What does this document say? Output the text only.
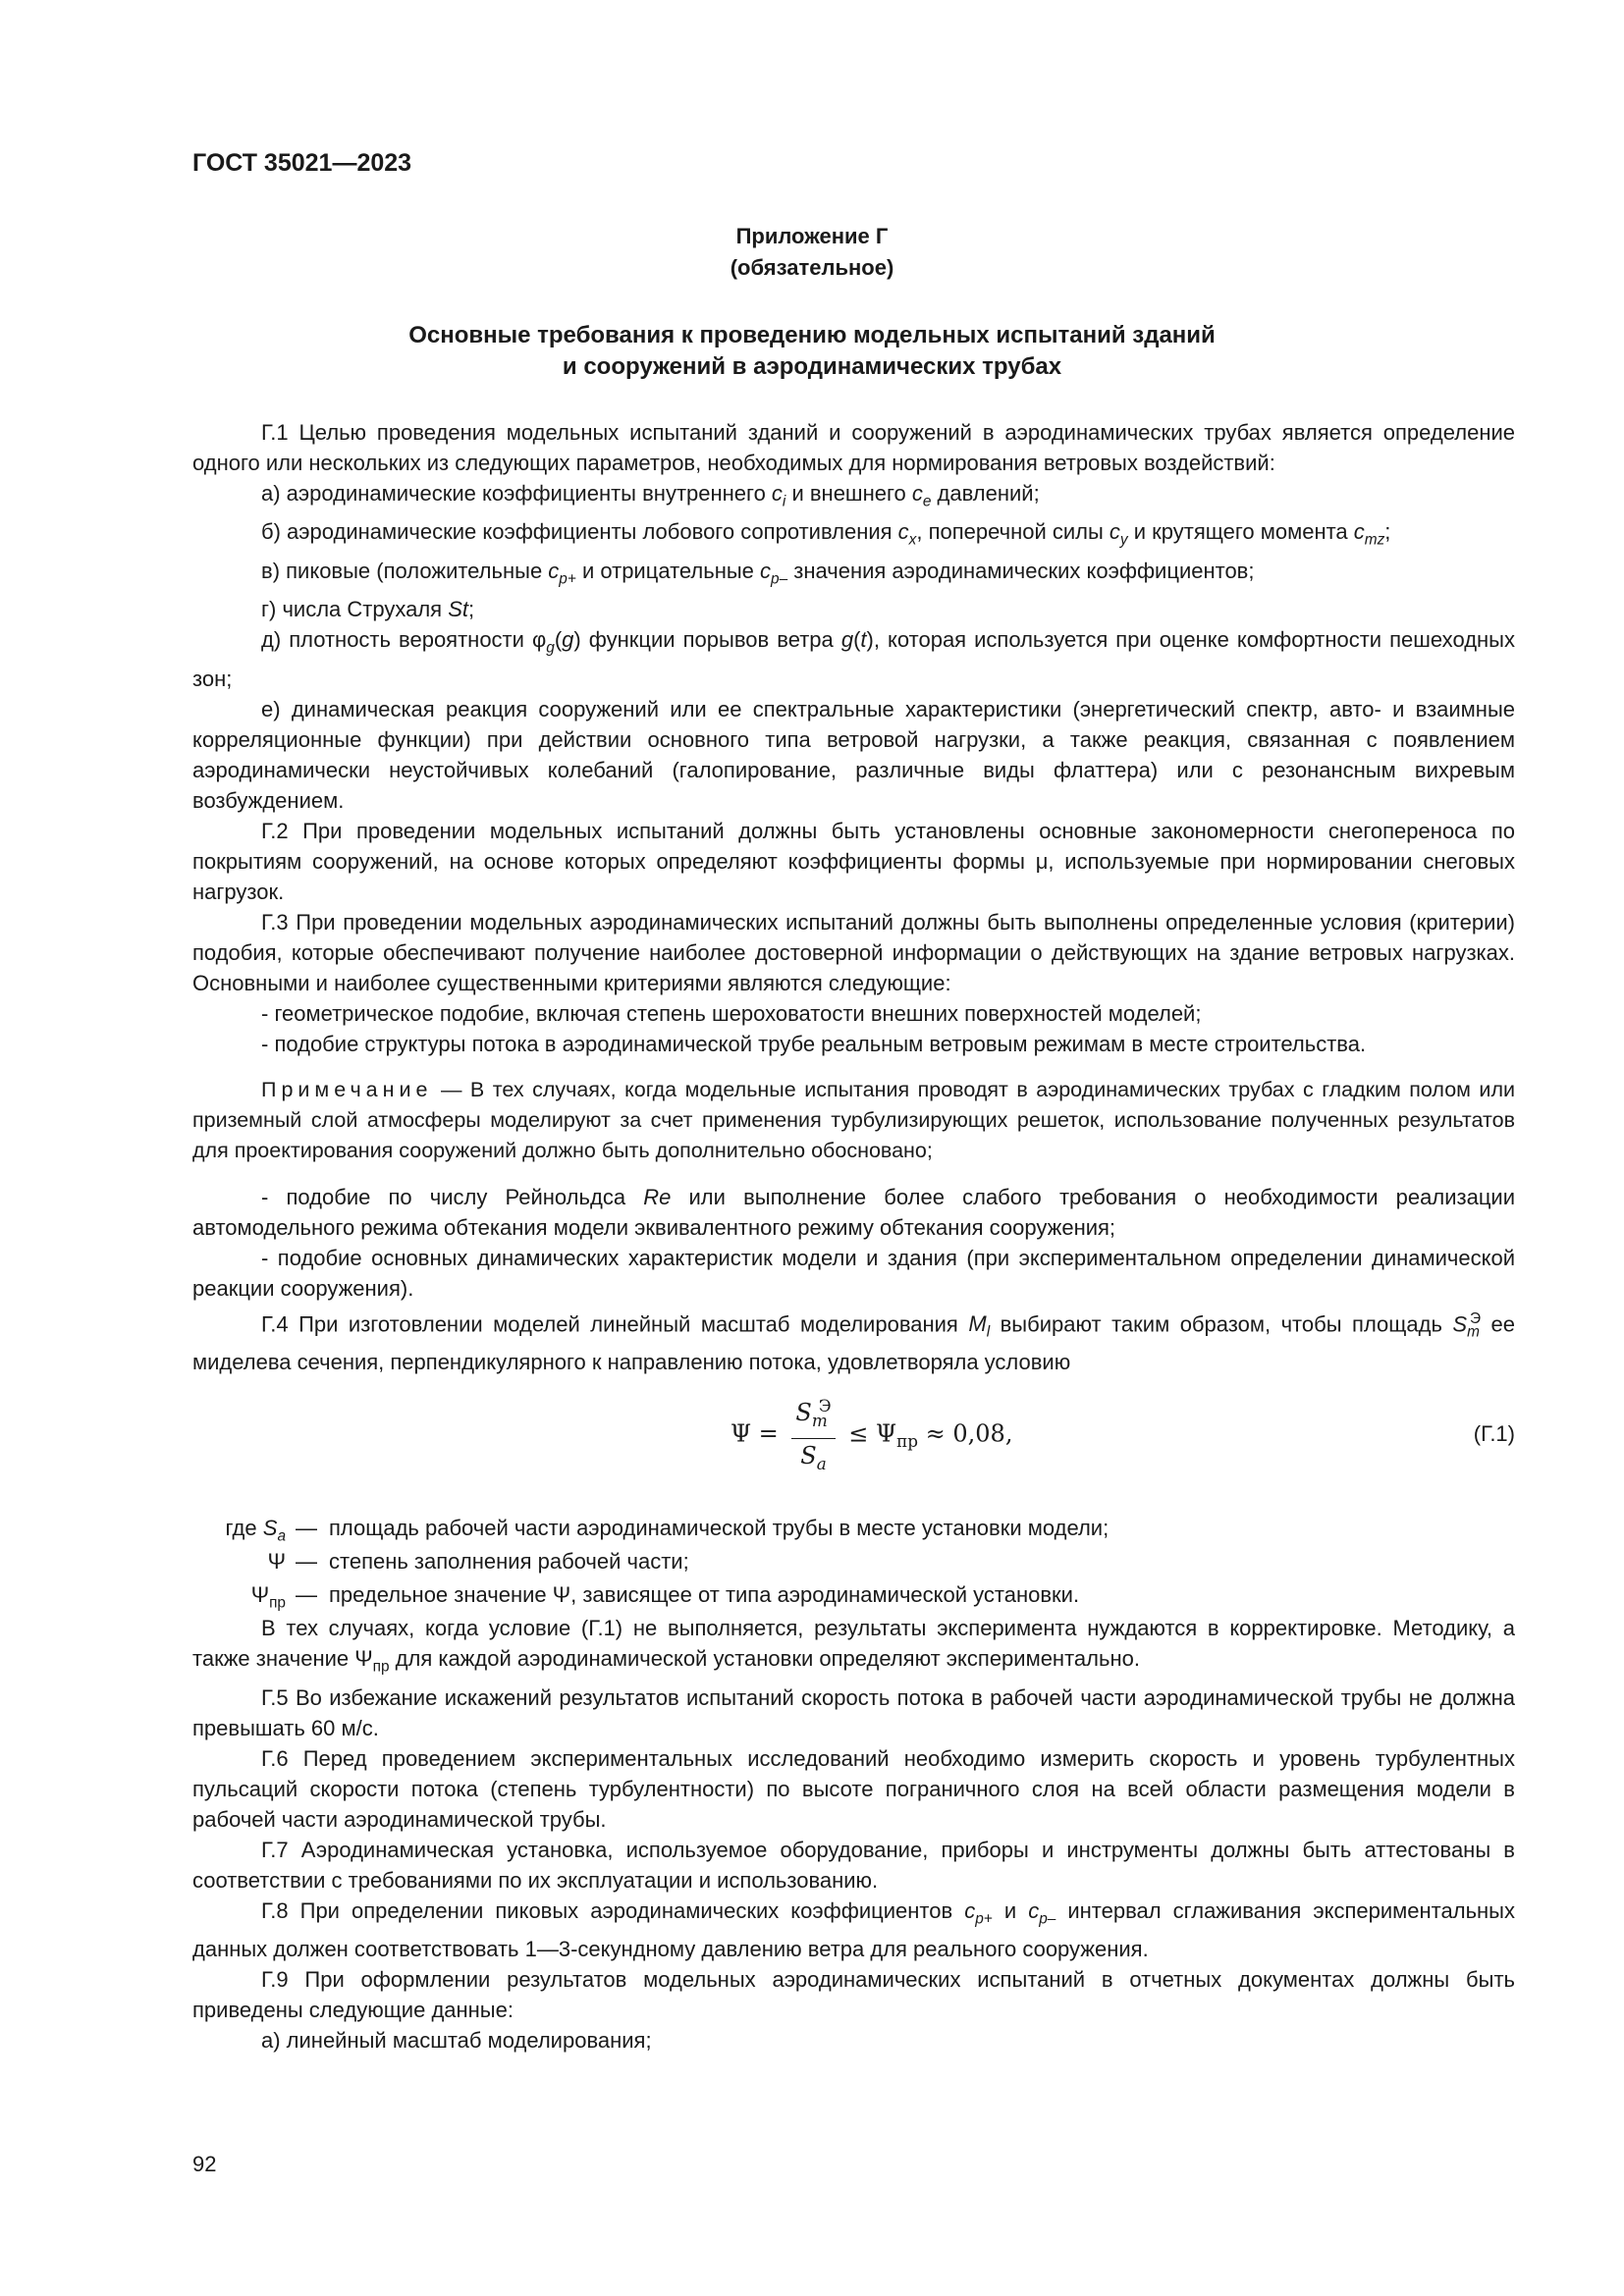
ГОСТ 35021—2023
Приложение Г
(обязательное)
Основные требования к проведению модельных испытаний зданий
и сооружений в аэродинамических трубах

Г.1 Целью проведения модельных испытаний зданий и сооружений в аэродинамических трубах является определение одного или нескольких из следующих параметров, необходимых для нормирования ветровых воздействий:

а) аэродинамические коэффициенты внутреннего $c_i$ и внешнего $c_e$ давлений;

б) аэродинамические коэффициенты лобового сопротивления $c_x$, поперечной силы $c_y$ и крутящего момента $c_{mz}$;

в) пиковые (положительные $c_{p+}$ и отрицательные $c_{p-}$ значения аэродинамических коэффициентов;

г) числа Струхаля St;

д) плотность вероятности $\varphi_g(g)$ функции порывов ветра g(t), которая используется при оценке комфортности пешеходных зон;

е) динамическая реакция сооружений или ее спектральные характеристики (энергетический спектр, авто- и взаимные корреляционные функции) при действии основного типа ветровой нагрузки, а также реакция, связанная с появлением аэродинамически неустойчивых колебаний (галопирование, различные виды флаттера) или с резонансным вихревым возбуждением.

Г.2 При проведении модельных испытаний должны быть установлены основные закономерности снегопереноса по покрытиям сооружений, на основе которых определяют коэффициенты формы μ, используемые при нормировании снеговых нагрузок.

Г.3 При проведении модельных аэродинамических испытаний должны быть выполнены определенные условия (критерии) подобия, которые обеспечивают получение наиболее достоверной информации о действующих на здание ветровых нагрузках. Основными и наиболее существенными критериями являются следующие:

- геометрическое подобие, включая степень шероховатости внешних поверхностей моделей;

- подобие структуры потока в аэродинамической трубе реальным ветровым режимам в месте строительства.

Примечание — В тех случаях, когда модельные испытания проводят в аэродинамических трубах с гладким полом или приземный слой атмосферы моделируют за счет применения турбулизирующих решеток, использование полученных результатов для проектирования сооружений должно быть дополнительно обосновано;

- подобие по числу Рейнольдса Re или выполнение более слабого требования о необходимости реализации автомодельного режима обтекания модели эквивалентного режиму обтекания сооружения;

- подобие основных динамических характеристик модели и здания (при экспериментальном определении динамической реакции сооружения).

Г.4 При изготовлении моделей линейный масштаб моделирования $M_l$ выбирают таким образом, чтобы площадь $S_m^Э$ ее миделева сечения, перпендикулярного к направлению потока, удовлетворяла условию

$\Psi = \frac{S_m^Э}{S_a} \le \Psi_{пр} \approx 0,08$,	(Г.1)
где $S_a$ — площадь рабочей части аэродинамической трубы в месте установки модели;
Ψ — степень заполнения рабочей части;
$\Psi_{пр}$ — предельное значение Ψ, зависящее от типа аэродинамической установки.

В тех случаях, когда условие (Г.1) не выполняется, результаты эксперимента нуждаются в корректировке. Методику, а также значение $\Psi_{пр}$ для каждой аэродинамической установки определяют экспериментально.

Г.5 Во избежание искажений результатов испытаний скорость потока в рабочей части аэродинамической трубы не должна превышать 60 м/с.

Г.6 Перед проведением экспериментальных исследований необходимо измерить скорость и уровень турбулентных пульсаций скорости потока (степень турбулентности) по высоте пограничного слоя на всей области размещения модели в рабочей части аэродинамической трубы.

Г.7 Аэродинамическая установка, используемое оборудование, приборы и инструменты должны быть аттестованы в соответствии с требованиями по их эксплуатации и использованию.

Г.8 При определении пиковых аэродинамических коэффициентов $c_{p+}$ и $c_{p-}$ интервал сглаживания экспериментальных данных должен соответствовать 1—3-секундному давлению ветра для реального сооружения.

Г.9 При оформлении результатов модельных аэродинамических испытаний в отчетных документах должны быть приведены следующие данные:

а) линейный масштаб моделирования;

92
